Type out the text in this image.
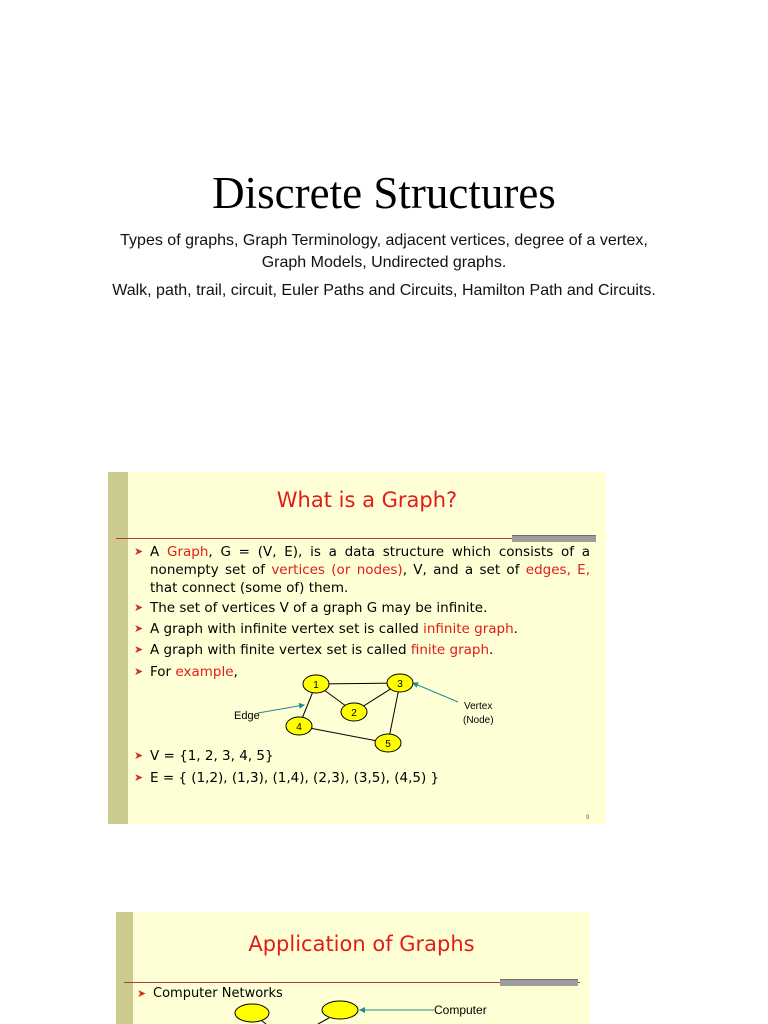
Discrete Structures
Types of graphs, Graph Terminology, adjacent vertices, degree of a vertex, Graph Models, Undirected graphs.
Walk, path, trail, circuit, Euler Paths and Circuits, Hamilton Path and Circuits.
What is a Graph?
➤ A Graph, G = (V, E), is a data structure which consists of a nonempty set of vertices (or nodes), V, and a set of edges, E, that connect (some of) them.
➤ The set of vertices V of a graph G may be infinite.
➤ A graph with infinite vertex set is called infinite graph.
➤ A graph with finite vertex set is called finite graph.
➤ For example,
1
2
3
4
5
Edge
Vertex
(Node)
➤ V = {1, 2, 3, 4, 5}
➤ E = { (1,2), (1,3), (1,4), (2,3), (3,5), (4,5) }
9
Application of Graphs
➤ Computer Networks
Computer
